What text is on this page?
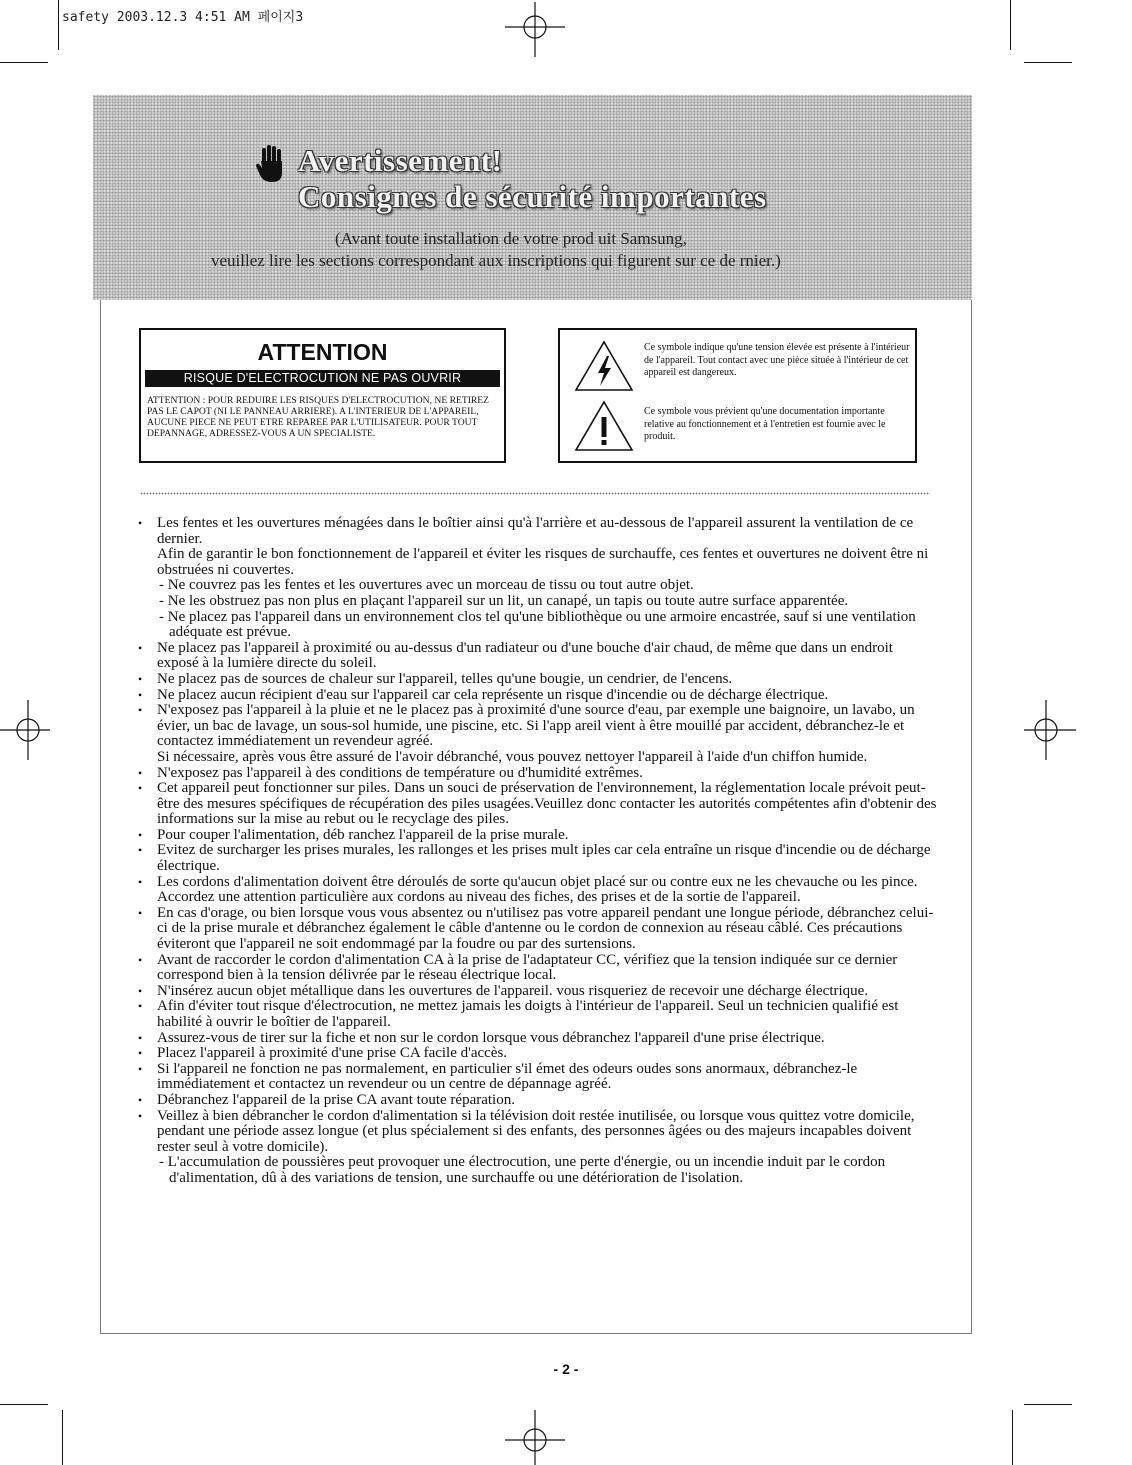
safety 2003.12.3 4:51 AM 페이지3
Avertissement!
Consignes de sécurité importantes
(Avant toute installation de votre prod uit Samsung,
veuillez lire les sections correspondant aux inscriptions qui figurent sur ce de rnier.)
ATTENTION
RISQUE D'ELECTROCUTION NE PAS OUVRIR
ATTENTION : POUR REDUIRE LES RISQUES D'ELECTROCUTION, NE RETIREZ PAS LE CAPOT (NI LE PANNEAU ARRIERE). A L'INTERIEUR DE L'APPAREIL, AUCUNE PIECE NE PEUT ETRE REPAREE PAR L'UTILISATEUR. POUR TOUT DEPANNAGE, ADRESSEZ-VOUS A UN SPECIALISTE.
Ce symbole indique qu'une tension élevée est présente à l'intérieur de l'appareil. Tout contact avec une pièce située à l'intérieur de cet appareil est dangereux.
Ce symbole vous prévient qu'une documentation importante relative au fonctionnement et à l'entretien est fournie avec le produit.
• Les fentes et les ouvertures ménagées dans le boîtier ainsi qu'à l'arrière et au-dessous de l'appareil assurent la ventilation de ce dernier.
Afin de garantir le bon fonctionnement de l'appareil et éviter les risques de surchauffe, ces fentes et ouvertures ne doivent être ni obstruées ni couvertes.
- Ne couvrez pas les fentes et les ouvertures avec un morceau de tissu ou tout autre objet.
- Ne les obstruez pas non plus en plaçant l'appareil sur un lit, un canapé, un tapis ou toute autre surface apparentée.
- Ne placez pas l'appareil dans un environnement clos tel qu'une bibliothèque ou une armoire encastrée, sauf si une ventilation adéquate est prévue.
• Ne placez pas l'appareil à proximité ou au-dessus d'un radiateur ou d'une bouche d'air chaud, de même que dans un endroit exposé à la lumière directe du soleil.
• Ne placez pas de sources de chaleur sur l'appareil, telles qu'une bougie, un cendrier, de l'encens.
• Ne placez aucun récipient d'eau sur l'appareil car cela représente un risque d'incendie ou de décharge électrique.
• N'exposez pas l'appareil à la pluie et ne le placez pas à proximité d'une source d'eau, par exemple une baignoire, un lavabo, un évier, un bac de lavage, un sous-sol humide, une piscine, etc. Si l'app areil vient à être mouillé par accident, débranchez-le et contactez immédiatement un revendeur agréé.
Si nécessaire, après vous être assuré de l'avoir débranché, vous pouvez nettoyer l'appareil à l'aide d'un chiffon humide.
• N'exposez pas l'appareil à des conditions de température ou d'humidité extrêmes.
• Cet appareil peut fonctionner sur piles. Dans un souci de préservation de l'environnement, la réglementation locale prévoit peut-être des mesures spécifiques de récupération des piles usagées.Veuillez donc contacter les autorités compétentes afin d'obtenir des informations sur la mise au rebut ou le recyclage des piles.
• Pour couper l'alimentation, déb ranchez l'appareil de la prise murale.
• Evitez de surcharger les prises murales, les rallonges et les prises mult iples car cela entraîne un risque d'incendie ou de décharge électrique.
• Les cordons d'alimentation doivent être déroulés de sorte qu'aucun objet placé sur ou contre eux ne les chevauche ou les pince. Accordez une attention particulière aux cordons au niveau des fiches, des prises et de la sortie de l'appareil.
• En cas d'orage, ou bien lorsque vous vous absentez ou n'utilisez pas votre appareil pendant une longue période, débranchez celui-ci de la prise murale et débranchez également le câble d'antenne ou le cordon de connexion au réseau câblé. Ces précautions éviteront que l'appareil ne soit endommagé par la foudre ou par des surtensions.
• Avant de raccorder le cordon d'alimentation CA à la prise de l'adaptateur CC, vérifiez que la tension indiquée sur ce dernier correspond bien à la tension délivrée par le réseau électrique local.
• N'insérez aucun objet métallique dans les ouvertures de l'appareil. vous risqueriez de recevoir une décharge électrique.
• Afin d'éviter tout risque d'électrocution, ne mettez jamais les doigts à l'intérieur de l'appareil. Seul un technicien qualifié est habilité à ouvrir le boîtier de l'appareil.
• Assurez-vous de tirer sur la fiche et non sur le cordon lorsque vous débranchez l'appareil d'une prise électrique.
• Placez l'appareil à proximité d'une prise CA facile d'accès.
• Si l'appareil ne fonction ne pas normalement, en particulier s'il émet des odeurs oudes sons anormaux, débranchez-le immédiatement et contactez un revendeur ou un centre de dépannage agréé.
• Débranchez l'appareil de la prise CA avant toute réparation.
• Veillez à bien débrancher le cordon d'alimentation si la télévision doit restée inutilisée, ou lorsque vous quittez votre domicile, pendant une période assez longue (et plus spécialement si des enfants, des personnes âgées ou des majeurs incapables doivent rester seul à votre domicile).
- L'accumulation de poussières peut provoquer une électrocution, une perte d'énergie, ou un incendie induit par le cordon d'alimentation, dû à des variations de tension, une surchauffe ou une détérioration de l'isolation.
- 2 -
